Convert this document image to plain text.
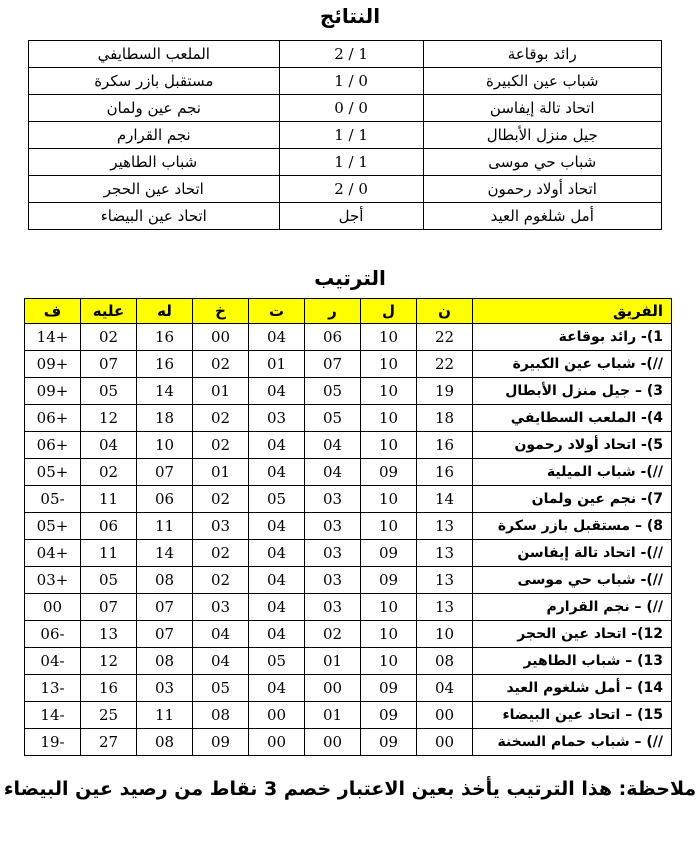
النتائج
رائد بوقاعة	1 / 2	الملعب السطايفي
شباب عين الكبيرة	0 / 1	مستقبل بازر سكرة
اتحاد تالة إيفاسن	0 / 0	نجم عين ولمان
جيل منزل الأبطال	1 / 1	نجم القرارم
شباب حي موسى	1 / 1	شباب الطاهير
اتحاد أولاد رحمون	0 / 2	اتحاد عين الحجر
أمل شلغوم العيد	أجل	اتحاد عين البيضاء
الترتيب
الفريق	ن	ل	ر	ت	خ	له	عليه	ف
1)- رائد بوقاعة	22	10	06	04	00	16	02	+14
//)- شباب عين الكبيرة	22	10	07	01	02	16	07	+09
3) – جيل منزل الأبطال	19	10	05	04	01	14	05	+09
4)- الملعب السطايفي	18	10	05	03	02	18	12	+06
5)- اتحاد أولاد رحمون	16	10	04	04	02	10	04	+06
//)- شباب الميلية	16	09	04	04	01	07	02	+05
7)- نجم عين ولمان	14	10	03	05	02	06	11	-05
8) – مستقبل بازر سكرة	13	10	03	04	03	11	06	+05
//)- اتحاد تالة إيفاسن	13	09	03	04	02	14	11	+04
//)- شباب حي موسى	13	09	03	04	02	08	05	+03
//) – نجم القرارم	13	10	03	04	03	07	07	00
12)- اتحاد عين الحجر	10	10	02	04	04	07	13	-06
13) – شباب الطاهير	08	10	01	05	04	08	12	-04
14) – أمل شلغوم العيد	04	09	00	04	05	03	16	-13
15) – اتحاد عين البيضاء	00	09	01	00	08	11	25	-14
//) – شباب حمام السخنة	00	09	00	00	09	08	27	-19
ملاحظة: هذا الترتيب يأخذ بعين الاعتبار خصم 3 نقاط من رصيد عين البيضاء
